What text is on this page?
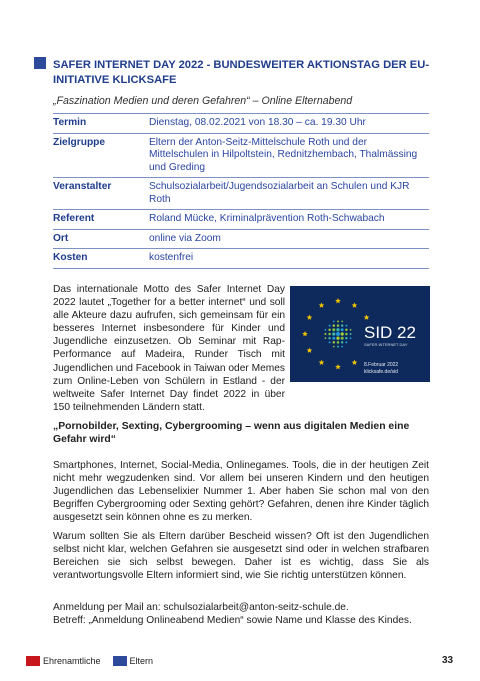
SAFER INTERNET DAY 2022 - BUNDESWEITER AKTIONSTAG DER EU-INITIATIVE KLICKSAFE
„Faszination Medien und deren Gefahren“ – Online Elternabend
Termin	Dienstag, 08.02.2021 von 18.30 – ca. 19.30 Uhr
Zielgruppe	Eltern der Anton-Seitz-Mittelschule Roth und der Mittelschulen in Hilpoltstein, Rednitzhembach, Thalmässing und Greding
Veranstalter	Schulsozialarbeit/Jugendsozialarbeit an Schulen und KJR Roth
Referent	Roland Mücke, Kriminalprävention Roth-Schwabach
Ort	online via Zoom
Kosten	kostenfrei

Das internationale Motto des Safer Internet Day 2022 lautet „Together for a better internet“ und soll alle Akteure dazu aufrufen, sich gemeinsam für ein besseres Internet insbesondere für Kinder und Jugendliche einzusetzen. Ob Seminar mit Rap-Performance auf Madeira, Runder Tisch mit Jugendlichen und Facebook in Taiwan oder Memes zum Online-Leben von Schülern in Estland - der weltweite Safer Internet Day findet 2022 in über 150 teilnehmenden Ländern statt.

SID 22
SAFER INTERNET DAY
8.Februar 2022
klicksafe.de/sid
„Pornobilder, Sexting, Cybergrooming – wenn aus digitalen Medien eine Gefahr wird“

Smartphones, Internet, Social-Media, Onlinegames. Tools, die in der heutigen Zeit nicht mehr wegzudenken sind. Vor allem bei unseren Kindern und den heutigen Jugendlichen das Lebenselixier Nummer 1. Aber haben Sie schon mal von den Begriffen Cybergrooming oder Sexting gehört? Gefahren, denen ihre Kinder täglich ausgesetzt sein können ohne es zu merken.

Warum sollten Sie als Eltern darüber Bescheid wissen? Oft ist den Jugendlichen selbst nicht klar, welchen Gefahren sie ausgesetzt sind oder in welchen strafbaren Bereichen sie sich selbst bewegen. Daher ist es wichtig, dass Sie als verantwortungsvolle Eltern informiert sind, wie Sie richtig unterstützen können.

Anmeldung per Mail an: schulsozialarbeit@anton-seitz-schule.de.
Betreff: „Anmeldung Onlineabend Medien“ sowie Name und Klasse des Kindes.

Ehrenamtliche	Eltern	33
